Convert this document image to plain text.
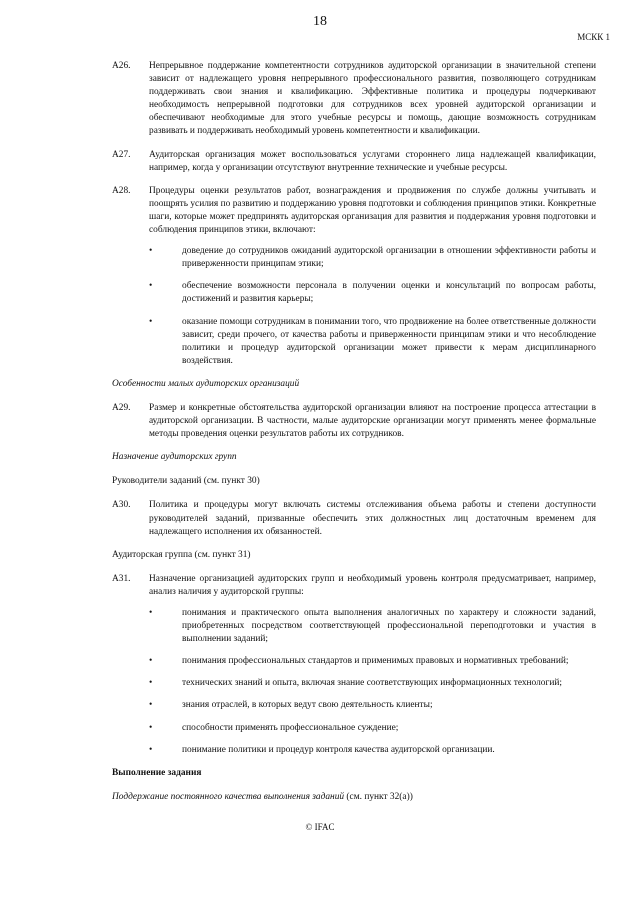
18
МСКК 1
A26. Непрерывное поддержание компетентности сотрудников аудиторской организации в значительной степени зависит от надлежащего уровня непрерывного профессионального развития, позволяющего сотрудникам поддерживать свои знания и квалификацию. Эффективные политика и процедуры подчеркивают необходимость непрерывной подготовки для сотрудников всех уровней аудиторской организации и обеспечивают необходимые для этого учебные ресурсы и помощь, дающие возможность сотрудникам развивать и поддерживать необходимый уровень компетентности и квалификации.
A27. Аудиторская организация может воспользоваться услугами стороннего лица надлежащей квалификации, например, когда у организации отсутствуют внутренние технические и учебные ресурсы.
A28. Процедуры оценки результатов работ, вознаграждения и продвижения по службе должны учитывать и поощрять усилия по развитию и поддержанию уровня подготовки и соблюдения принципов этики. Конкретные шаги, которые может предпринять аудиторская организация для развития и поддержания уровня подготовки и соблюдения принципов этики, включают:
•	доведение до сотрудников ожиданий аудиторской организации в отношении эффективности работы и приверженности принципам этики;
•	обеспечение возможности персонала в получении оценки и консультаций по вопросам работы, достижений и развития карьеры;
•	оказание помощи сотрудникам в понимании того, что продвижение на более ответственные должности зависит, среди прочего, от качества работы и приверженности принципам этики и что несоблюдение политики и процедур аудиторской организации может привести к мерам дисциплинарного воздействия.
Особенности малых аудиторских организаций
A29. Размер и конкретные обстоятельства аудиторской организации влияют на построение процесса аттестации в аудиторской организации. В частности, малые аудиторские организации могут применять менее формальные методы проведения оценки результатов работы их сотрудников.
Назначение аудиторских групп
Руководители заданий (см. пункт 30)
A30. Политика и процедуры могут включать системы отслеживания объема работы и степени доступности руководителей заданий, призванные обеспечить этих должностных лиц достаточным временем для надлежащего исполнения их обязанностей.
Аудиторская группа (см. пункт 31)
A31. Назначение организацией аудиторских групп и необходимый уровень контроля предусматривает, например, анализ наличия у аудиторской группы:
•	понимания и практического опыта выполнения аналогичных по характеру и сложности заданий, приобретенных посредством соответствующей профессиональной переподготовки и участия в выполнении заданий;
•	понимания профессиональных стандартов и применимых правовых и нормативных требований;
•	технических знаний и опыта, включая знание соответствующих информационных технологий;
•	знания отраслей, в которых ведут свою деятельность клиенты;
•	способности применять профессиональное суждение;
•	понимание политики и процедур контроля качества аудиторской организации.
Выполнение задания
Поддержание постоянного качества выполнения заданий (см. пункт 32(а))
© IFAC
